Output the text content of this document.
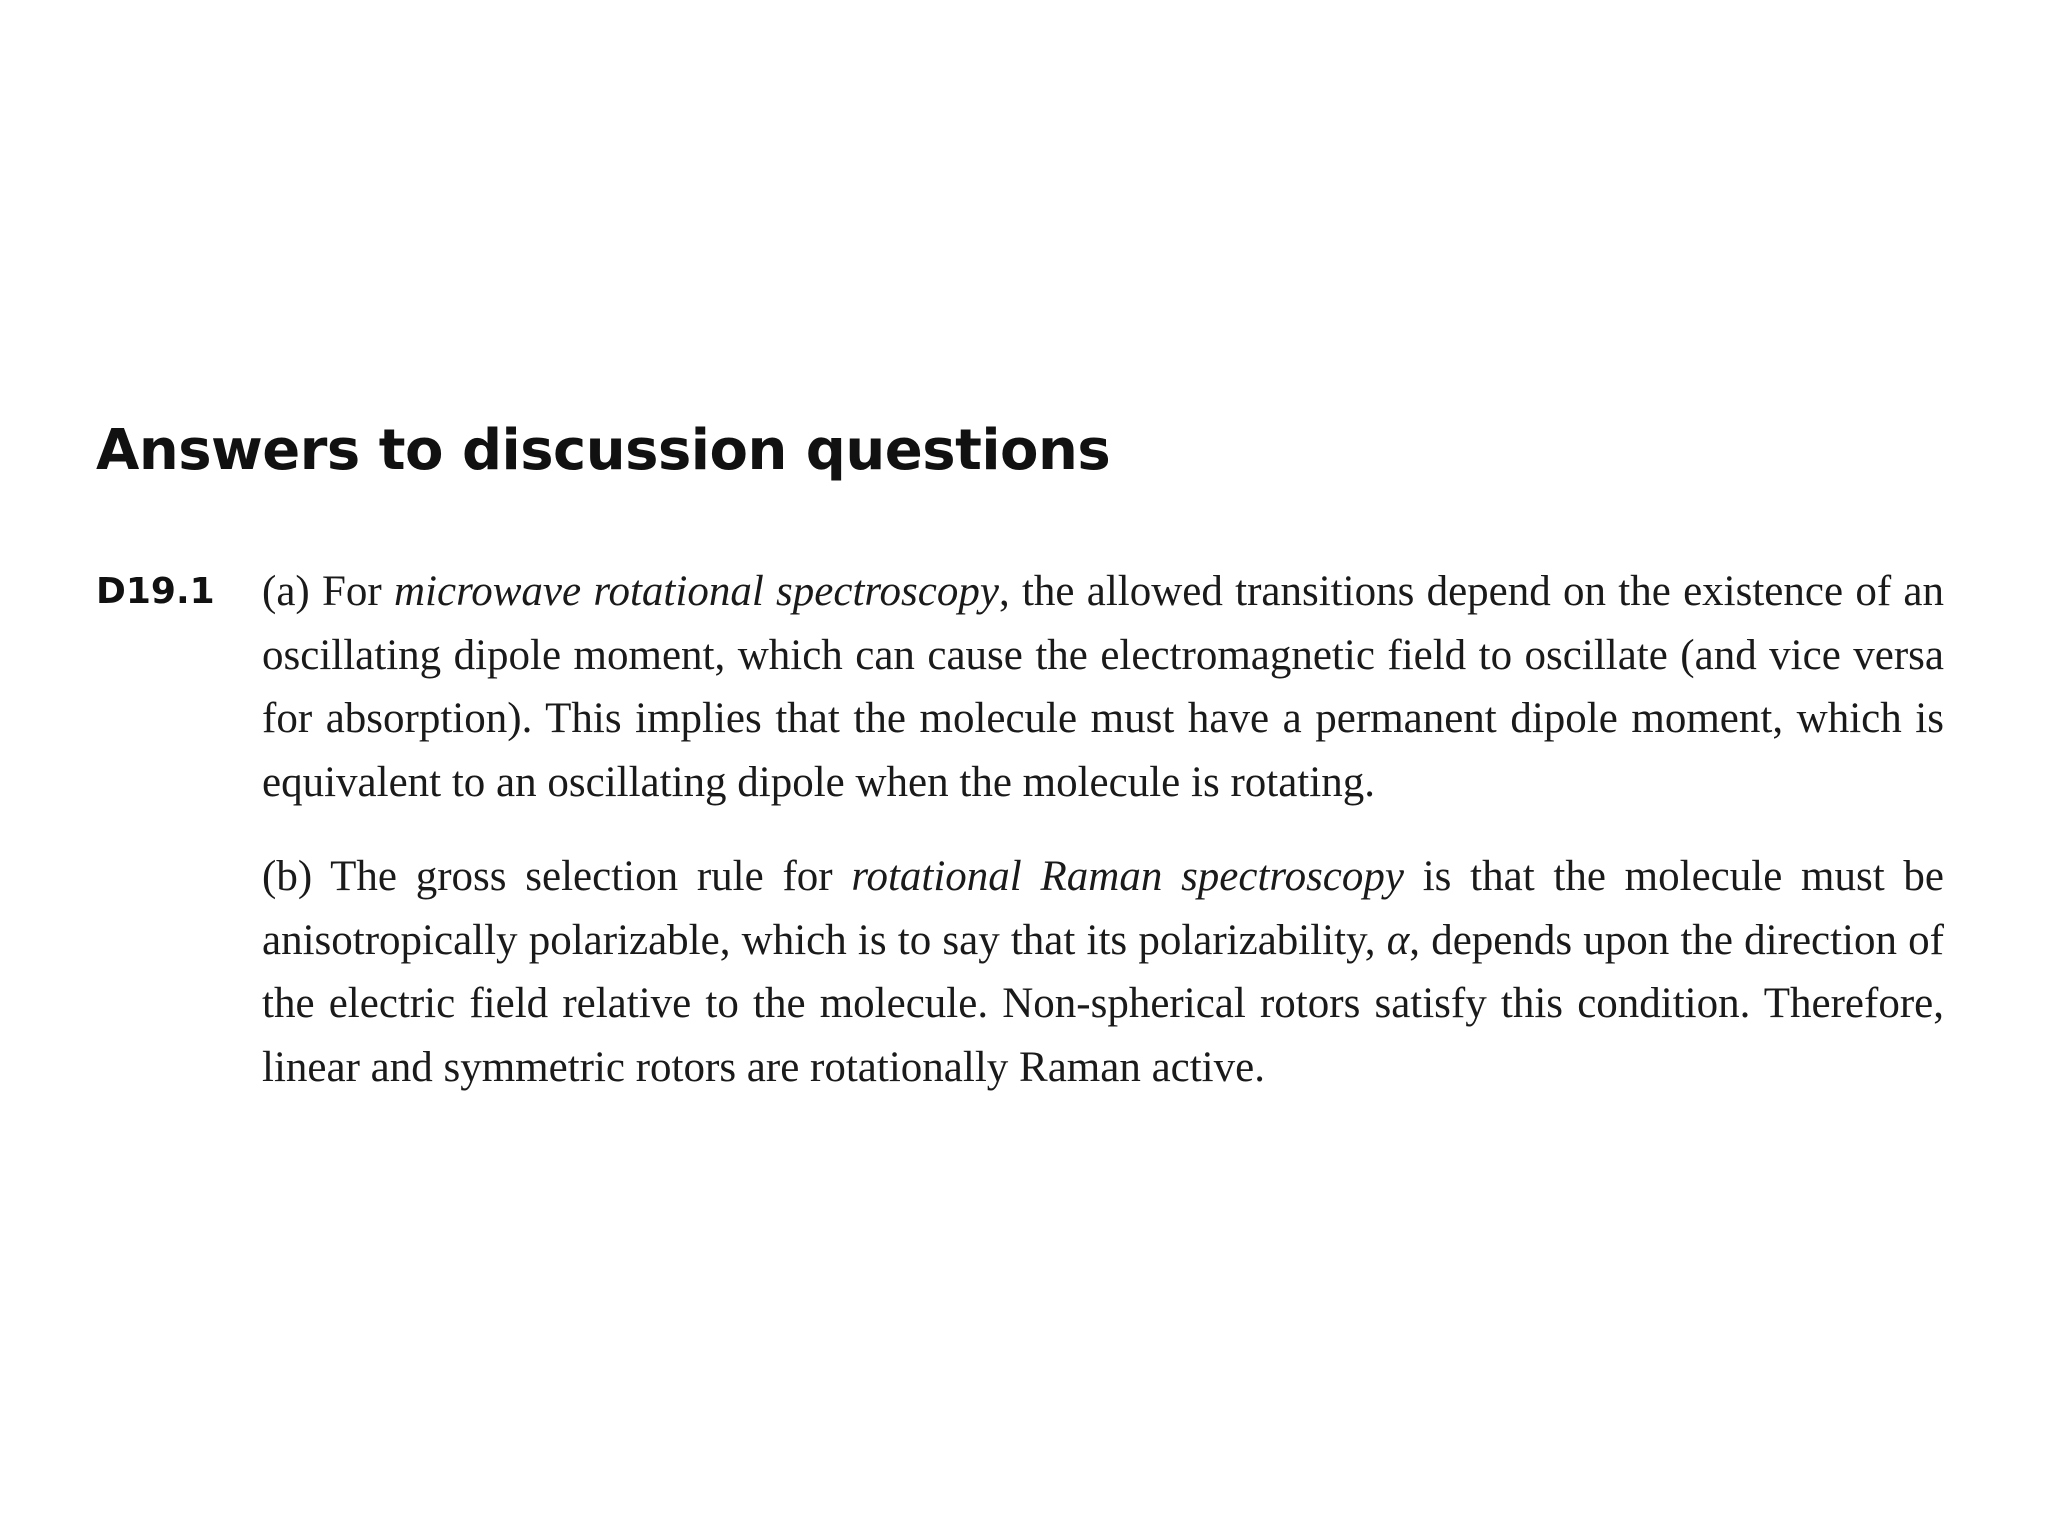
Answers to discussion questions
D19.1 (a) For microwave rotational spectroscopy, the allowed transitions depend on the existence of an oscillating dipole moment, which can cause the electromagnetic field to oscillate (and vice versa for absorption). This implies that the molecule must have a permanent dipole moment, which is equivalent to an oscillating dipole when the molecule is rotating.

(b) The gross selection rule for rotational Raman spectroscopy is that the molecule must be anisotropically polarizable, which is to say that its polarizability, α, depends upon the direction of the electric field relative to the molecule. Non-spherical rotors satisfy this condition. Therefore, linear and symmetric rotors are rotationally Raman active.
